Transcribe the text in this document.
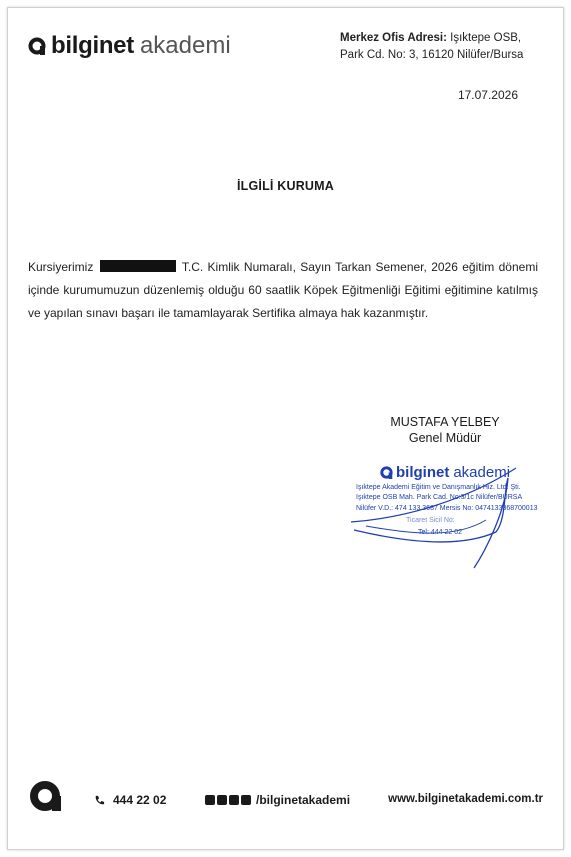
bilginet akademi	Merkez Ofis Adresi: Işıktepe OSB,
Park Cd. No: 3, 16120 Nilüfer/Bursa
17.07.2026
İLGİLİ KURUMA
Kursiyerimiz	T.C. Kimlik Numaralı, Sayın Tarkan Semener, 2026 eğitim dönemi içinde kurumumuzun düzenlemiş olduğu 60 saatlik Köpek Eğitmenliği Eğitimi eğitimine katılmış ve yapılan sınavı başarı ile tamamlayarak Sertifika almaya hak kazanmıştır.
MUSTAFA YELBEY
Genel Müdür
bilginet akademi
Işıktepe Akademi Eğitim ve Danışmanlık Hiz. Ltd. Şti.
Işıktepe OSB Mah. Park Cad. No:3/1c Nilüfer/BURSA
Nilüfer V.D.: 474 133 3687 Mersis No: 0474133368700013
Ticaret Sicil No:
Tel: 444 22 02
444 22 02	/bilginetakademi	www.bilginetakademi.com.tr
